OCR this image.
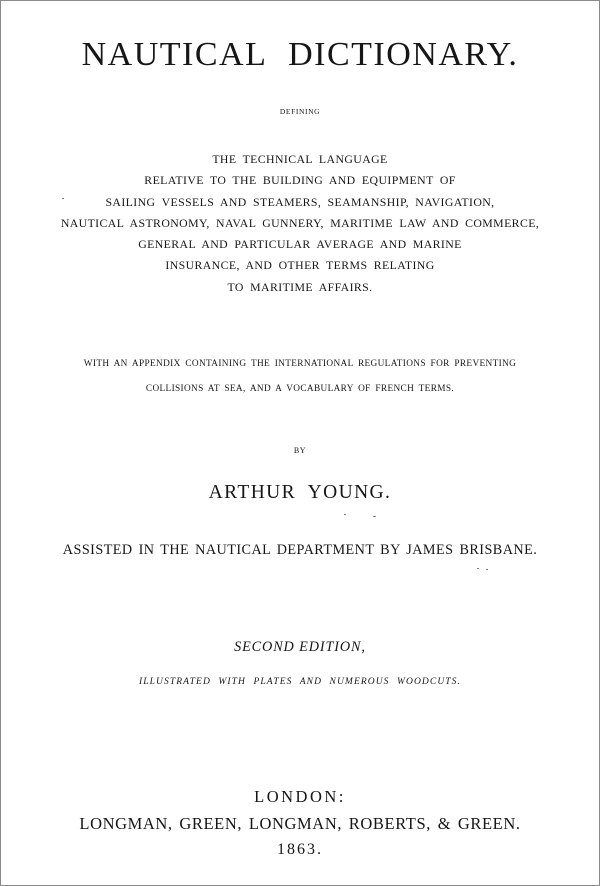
NAUTICAL DICTIONARY.
DEFINING
THE TECHNICAL LANGUAGE
RELATIVE TO THE BUILDING AND EQUIPMENT OF
SAILING VESSELS AND STEAMERS, SEAMANSHIP, NAVIGATION,
NAUTICAL ASTRONOMY, NAVAL GUNNERY, MARITIME LAW AND COMMERCE,
GENERAL AND PARTICULAR AVERAGE AND MARINE
INSURANCE, AND OTHER TERMS RELATING
TO MARITIME AFFAIRS.
WITH AN APPENDIX CONTAINING THE INTERNATIONAL REGULATIONS FOR PREVENTING
COLLISIONS AT SEA, AND A VOCABULARY OF FRENCH TERMS.
BY
ARTHUR YOUNG.
ASSISTED IN THE NAUTICAL DEPARTMENT BY JAMES BRISBANE.
SECOND EDITION,
ILLUSTRATED WITH PLATES AND NUMEROUS WOODCUTS.
LONDON:
LONGMAN, GREEN, LONGMAN, ROBERTS, & GREEN.
1863.
